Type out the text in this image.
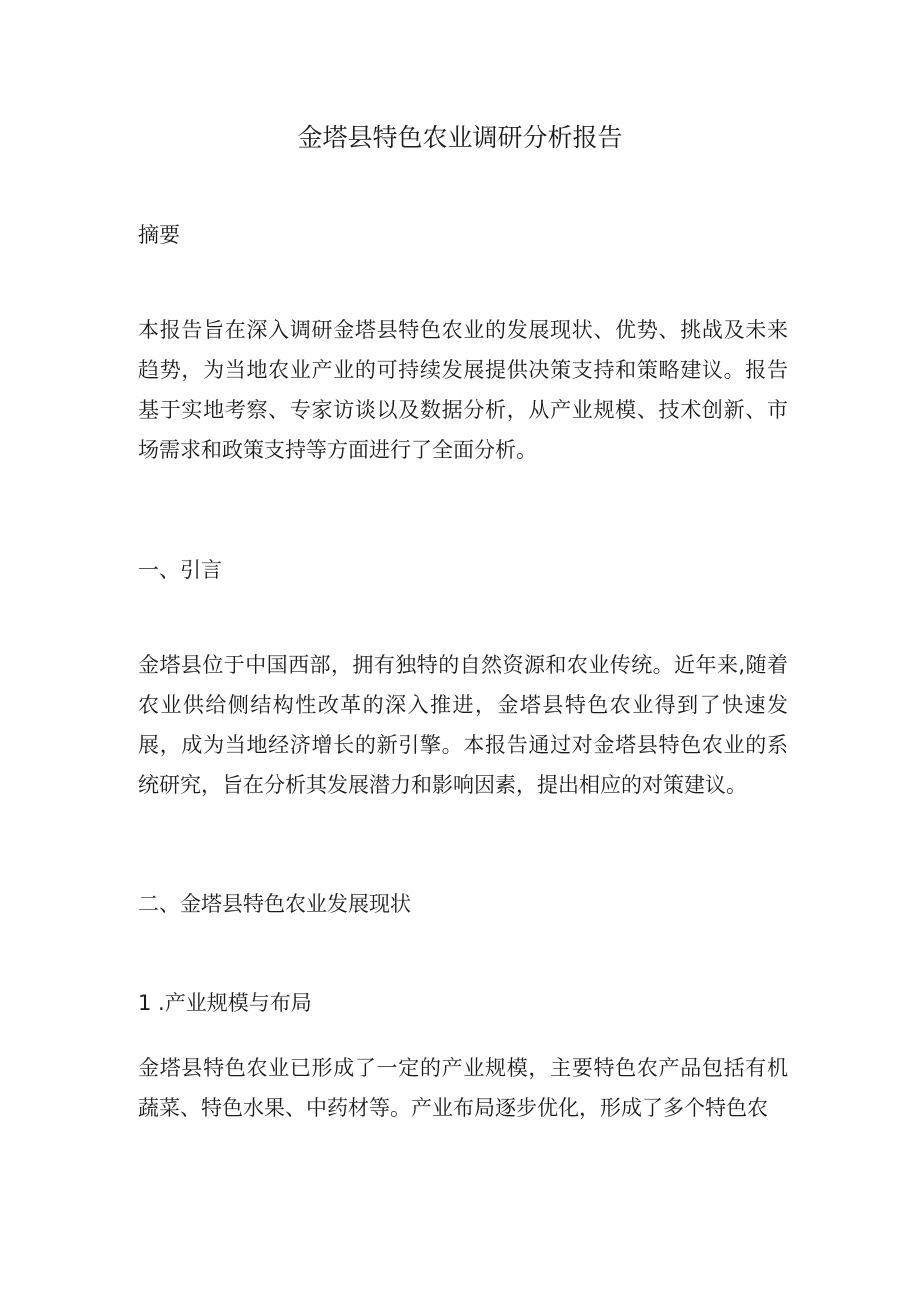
金塔县特色农业调研分析报告
摘要

本报告旨在深入调研金塔县特色农业的发展现状、优势、挑战及未来趋势，为当地农业产业的可持续发展提供决策支持和策略建议。报告基于实地考察、专家访谈以及数据分析，从产业规模、技术创新、市场需求和政策支持等方面进行了全面分析。

一、引言

金塔县位于中国西部，拥有独特的自然资源和农业传统。近年来,随着农业供给侧结构性改革的深入推进，金塔县特色农业得到了快速发展，成为当地经济增长的新引擎。本报告通过对金塔县特色农业的系统研究，旨在分析其发展潜力和影响因素，提出相应的对策建议。

二、金塔县特色农业发展现状
1 .产业规模与布局

金塔县特色农业已形成了一定的产业规模，主要特色农产品包括有机蔬菜、特色水果、中药材等。产业布局逐步优化，形成了多个特色农
